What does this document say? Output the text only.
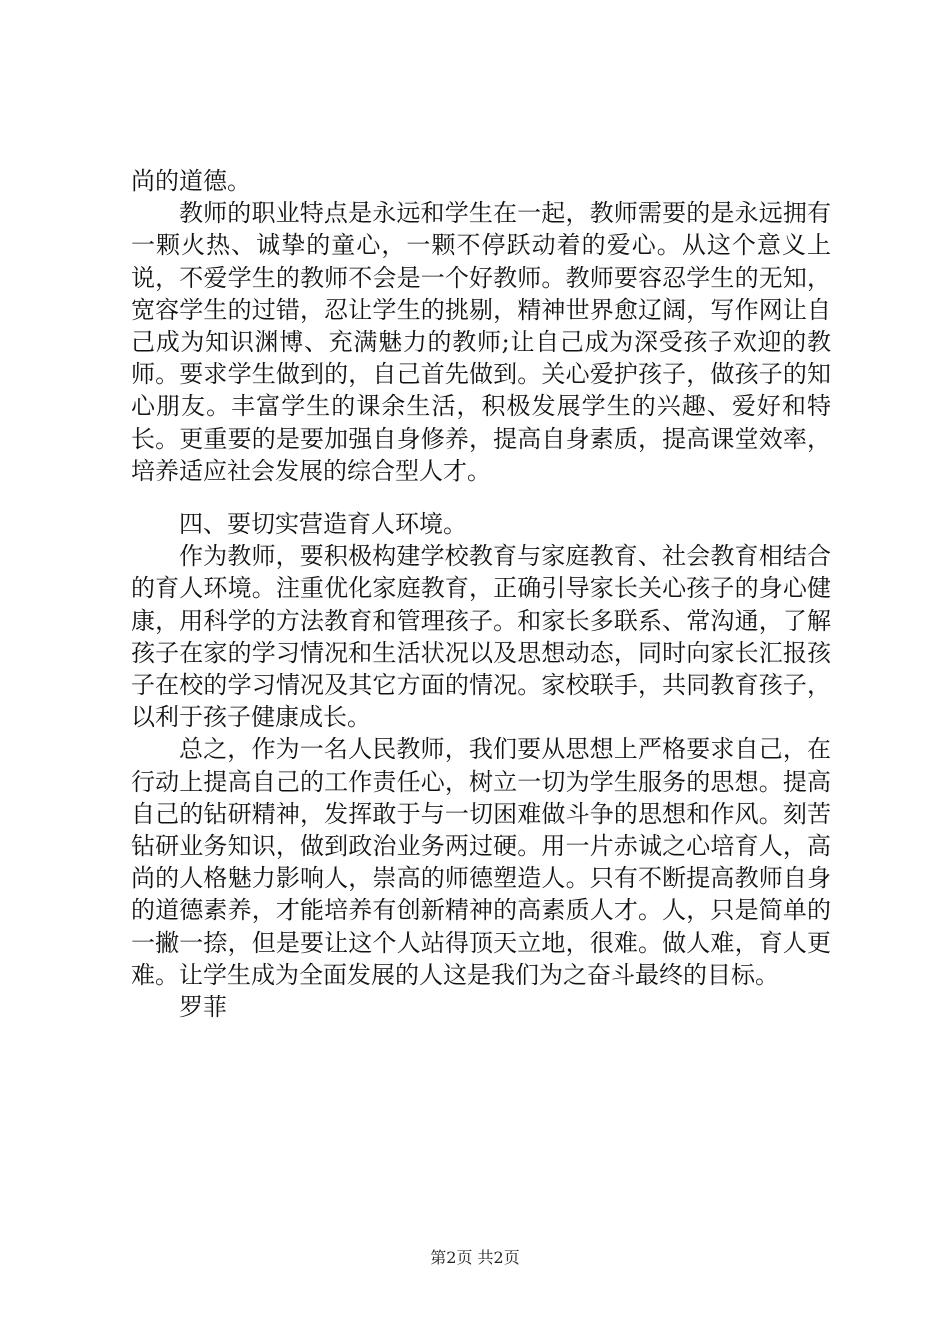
尚的道德。

教师的职业特点是永远和学生在一起，教师需要的是永远拥有一颗火热、诚挚的童心，一颗不停跃动着的爱心。从这个意义上说，不爱学生的教师不会是一个好教师。教师要容忍学生的无知，宽容学生的过错，忍让学生的挑剔，精神世界愈辽阔，写作网让自己成为知识渊博、充满魅力的教师;让自己成为深受孩子欢迎的教师。要求学生做到的，自己首先做到。关心爱护孩子，做孩子的知心朋友。丰富学生的课余生活，积极发展学生的兴趣、爱好和特长。更重要的是要加强自身修养，提高自身素质，提高课堂效率，培养适应社会发展的综合型人才。

四、要切实营造育人环境。

作为教师，要积极构建学校教育与家庭教育、社会教育相结合的育人环境。注重优化家庭教育，正确引导家长关心孩子的身心健康，用科学的方法教育和管理孩子。和家长多联系、常沟通，了解孩子在家的学习情况和生活状况以及思想动态，同时向家长汇报孩子在校的学习情况及其它方面的情况。家校联手，共同教育孩子，以利于孩子健康成长。

总之，作为一名人民教师，我们要从思想上严格要求自己，在行动上提高自己的工作责任心，树立一切为学生服务的思想。提高自己的钻研精神，发挥敢于与一切困难做斗争的思想和作风。刻苦钻研业务知识，做到政治业务两过硬。用一片赤诚之心培育人，高尚的人格魅力影响人，崇高的师德塑造人。只有不断提高教师自身的道德素养，才能培养有创新精神的高素质人才。人，只是简单的一撇一捺，但是要让这个人站得顶天立地，很难。做人难，育人更难。让学生成为全面发展的人这是我们为之奋斗最终的目标。

罗菲

第2页 共2页
